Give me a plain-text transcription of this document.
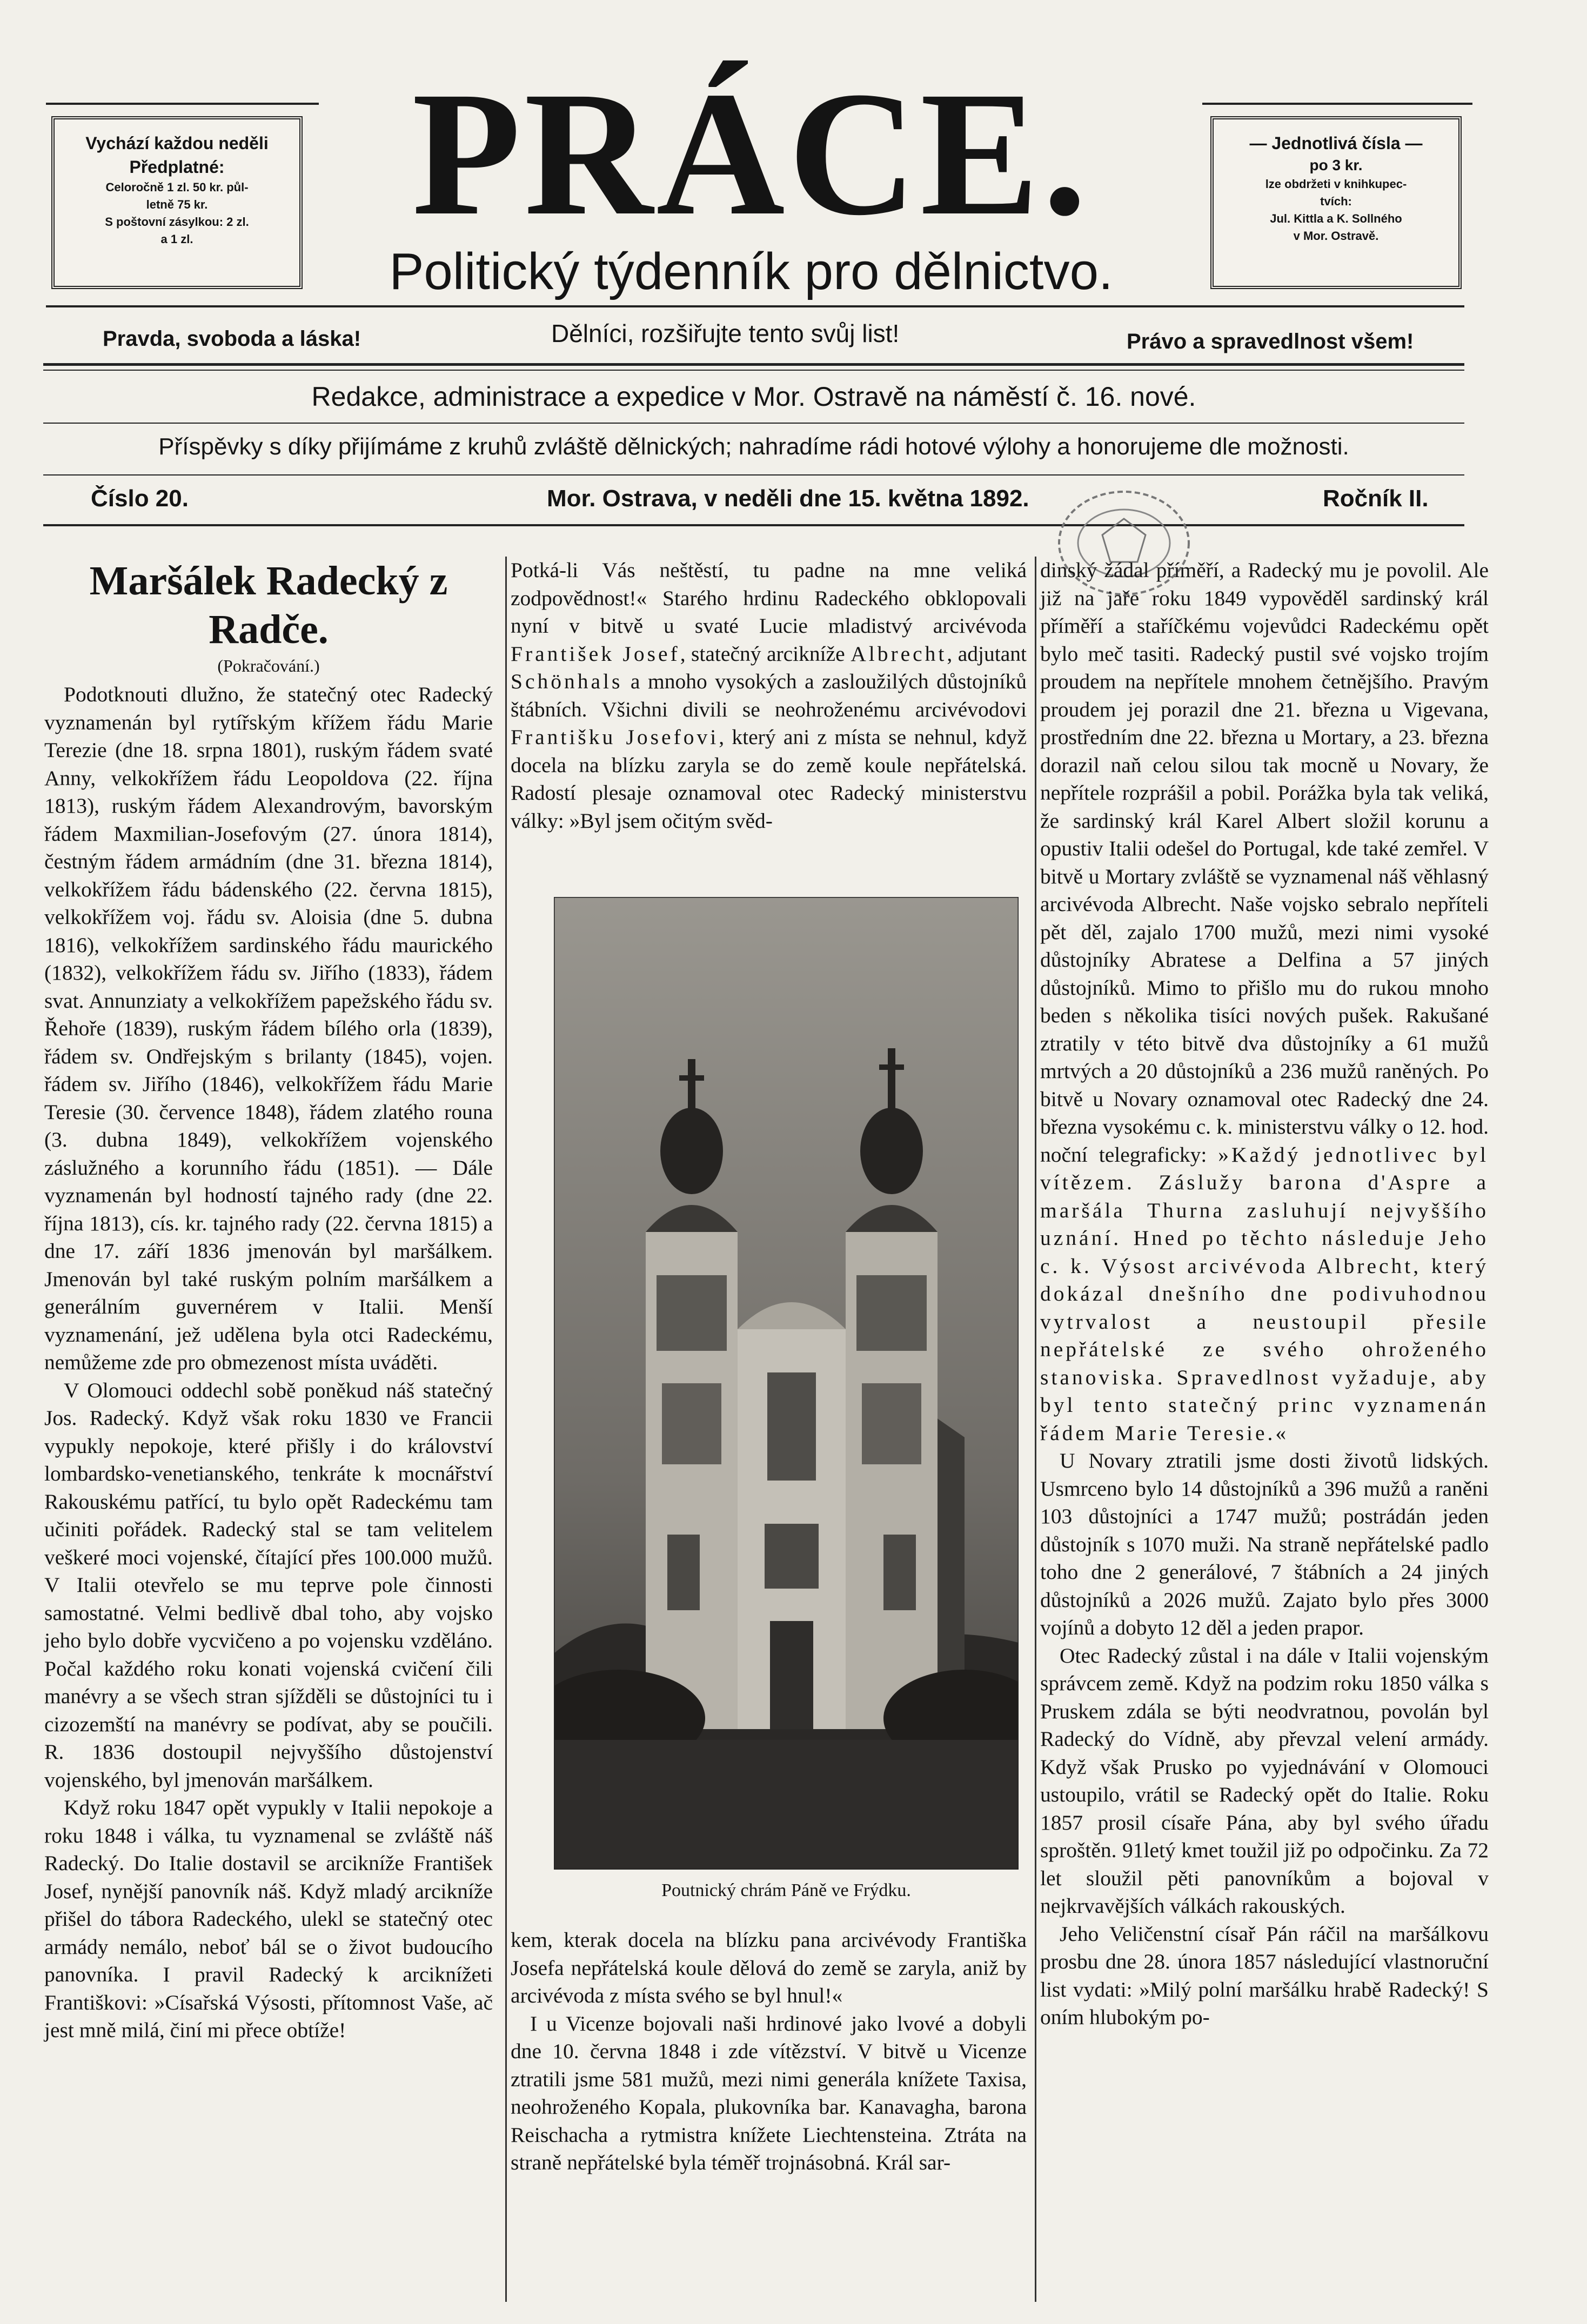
Vychází každou neděli
Předplatné:
Celoročně 1 zl. 50 kr. půl-
letně 75 kr.
S poštovní zásylkou: 2 zl.
a 1 zl.	PRÁCE.
Politický týdenník pro dělnictvo.
— Jednotlivá čísla —
po 3 kr.
lze obdržeti v knihkupec-
tvích:
Jul. Kittla a K. Sollného
v Mor. Ostravě.
Pravda, svoboda a láska!	Dělníci, rozšiřujte tento svůj list!	Právo a spravedlnost všem!
Redakce, administrace a expedice v Mor. Ostravě na náměstí č. 16. nové.
Příspěvky s díky přijímáme z kruhů zvláště dělnických; nahradíme rádi hotové výlohy a honorujeme dle možnosti.
Číslo 20.	Mor. Ostrava, v neděli dne 15. května 1892.	Ročník II.
Maršálek Radecký z Radče.
(Pokračování.)

Podotknouti dlužno, že statečný otec Radecký vyznamenán byl rytířským křížem řádu Marie Terezie (dne 18. srpna 1801), ruským řádem svaté Anny, velkokřížem řádu Leopoldova (22. října 1813), ruským řádem Alexandrovým, bavorským řádem Maxmilian-Josefovým (27. února 1814), čestným řádem armádním (dne 31. března 1814), velkokřížem řádu bádenského (22. června 1815), velkokřížem voj. řádu sv. Aloisia (dne 5. dubna 1816), velkokřížem sardinského řádu maurického (1832), velkokřížem řádu sv. Jiřího (1833), řádem svat. Annunziaty a velkokřížem papežského řádu sv. Řehoře (1839), ruským řádem bílého orla (1839), řádem sv. Ondřejským s brilanty (1845), vojen. řádem sv. Jiřího (1846), velkokřížem řádu Marie Teresie (30. července 1848), řádem zlatého rouna (3. dubna 1849), velkokřížem vojenského záslužného a korunního řádu (1851). — Dále vyznamenán byl hodností tajného rady (dne 22. října 1813), cís. kr. tajného rady (22. června 1815) a dne 17. září 1836 jmenován byl maršálkem. Jmenován byl také ruským polním maršálkem a generálním guvernérem v Italii. Menší vyznamenání, jež udělena byla otci Radeckému, nemůžeme zde pro obmezenost místa uváděti.

V Olomouci oddechl sobě poněkud náš statečný Jos. Radecký. Když však roku 1830 ve Francii vypukly nepokoje, které přišly i do království lombardsko-venetianského, tenkráte k mocnářství Rakouskému patřící, tu bylo opět Radeckému tam učiniti pořádek. Radecký stal se tam velitelem veškeré moci vojenské, čítající přes 100.000 mužů. V Italii otevřelo se mu teprve pole činnosti samostatné. Velmi bedlivě dbal toho, aby vojsko jeho bylo dobře vycvičeno a po vojensku vzděláno. Počal každého roku konati vojenská cvičení čili manévry a se všech stran sjížděli se důstojníci tu i cizozemští na manévry se podívat, aby se poučili. R. 1836 dostoupil nejvyššího důstojenství vojenského, byl jmenován maršálkem.

Když roku 1847 opět vypukly v Italii nepokoje a roku 1848 i válka, tu vyznamenal se zvláště náš Radecký. Do Italie dostavil se arcikníže František Josef, nynější panovník náš. Když mladý arcikníže přišel do tábora Radeckého, ulekl se statečný otec armády nemálo, neboť bál se o život budoucího panovníka. I pravil Radecký k arciknížeti Františkovi: »Císařská Výsosti, přítomnost Vaše, ač jest mně milá, činí mi přece obtíže!

Potká-li Vás neštěstí, tu padne na mne veliká zodpovědnost!« Starého hrdinu Radeckého obklopovali nyní v bitvě u svaté Lucie mladistvý arcivévoda František Josef, statečný arcikníže Albrecht, adjutant Schönhals a mnoho vysokých a zasloužilých důstojníků štábních. Všichni divili se neohroženému arcivévodovi Františku Josefovi, který ani z místa se nehnul, když docela na blízku zaryla se do země koule nepřátelská. Radostí plesaje oznamoval otec Radecký ministerstvu války: »Byl jsem očitým svěd-

Poutnický chrám Páně ve Frýdku.

kem, kterak docela na blízku pana arcivévody Františka Josefa nepřátelská koule dělová do země se zaryla, aniž by arcivévoda z místa svého se byl hnul!«

I u Vicenze bojovali naši hrdinové jako lvové a dobyli dne 10. června 1848 i zde vítězství. V bitvě u Vicenze ztratili jsme 581 mužů, mezi nimi generála knížete Taxisa, neohroženého Kopala, plukovníka bar. Kanavagha, barona Reischacha a rytmistra knížete Liechtensteina. Ztráta na straně nepřátelské byla téměř trojnásobná. Král sar-

dinský žádal příměří, a Radecký mu je povolil. Ale již na jaře roku 1849 vypověděl sardinský král příměří a staříčkému vojevůdci Radeckému opět bylo meč tasiti. Radecký pustil své vojsko trojím proudem na nepřítele mnohem četnějšího. Pravým proudem jej porazil dne 21. března u Vigevana, prostředním dne 22. března u Mortary, a 23. března dorazil naň celou silou tak mocně u Novary, že nepřítele rozprášil a pobil. Porážka byla tak veliká, že sardinský král Karel Albert složil korunu a opustiv Italii odešel do Portugal, kde také zemřel. V bitvě u Mortary zvláště se vyznamenal náš věhlasný arcivévoda Albrecht. Naše vojsko sebralo nepříteli pět děl, zajalo 1700 mužů, mezi nimi vysoké důstojníky Abratese a Delfina a 57 jiných důstojníků. Mimo to přišlo mu do rukou mnoho beden s několika tisíci nových pušek. Rakušané ztratily v této bitvě dva důstojníky a 61 mužů mrtvých a 20 důstojníků a 236 mužů raněných. Po bitvě u Novary oznamoval otec Radecký dne 24. března vysokému c. k. ministerstvu války o 12. hod. noční telegraficky: »Každý jednotlivec byl vítězem. Záslužy barona d'Aspre a maršála Thurna zasluhují nejvyššího uznání. Hned po těchto následuje Jeho c. k. Výsost arcivévoda Albrecht, který dokázal dnešního dne podivuhodnou vytrvalost a neustoupil přesile nepřátelské ze svého ohroženého stanoviska. Spravedlnost vyžaduje, aby byl tento statečný princ vyznamenán řádem Marie Teresie.«

U Novary ztratili jsme dosti životů lidských. Usmrceno bylo 14 důstojníků a 396 mužů a raněni 103 důstojníci a 1747 mužů; postrádán jeden důstojník s 1070 muži. Na straně nepřátelské padlo toho dne 2 generálové, 7 štábních a 24 jiných důstojníků a 2026 mužů. Zajato bylo přes 3000 vojínů a dobyto 12 děl a jeden prapor.

Otec Radecký zůstal i na dále v Italii vojenským správcem země. Když na podzim roku 1850 válka s Pruskem zdála se býti neodvratnou, povolán byl Radecký do Vídně, aby převzal velení armády. Když však Prusko po vyjednávání v Olomouci ustoupilo, vrátil se Radecký opět do Italie. Roku 1857 prosil císaře Pána, aby byl svého úřadu sproštěn. 91letý kmet toužil již po odpočinku. Za 72 let sloužil pěti panovníkům a bojoval v nejkrvavějších válkách rakouských.

Jeho Veličenstní císař Pán ráčil na maršálkovu prosbu dne 28. února 1857 následující vlastnoruční list vydati: »Milý polní maršálku hrabě Radecký! S oním hlubokým po-
